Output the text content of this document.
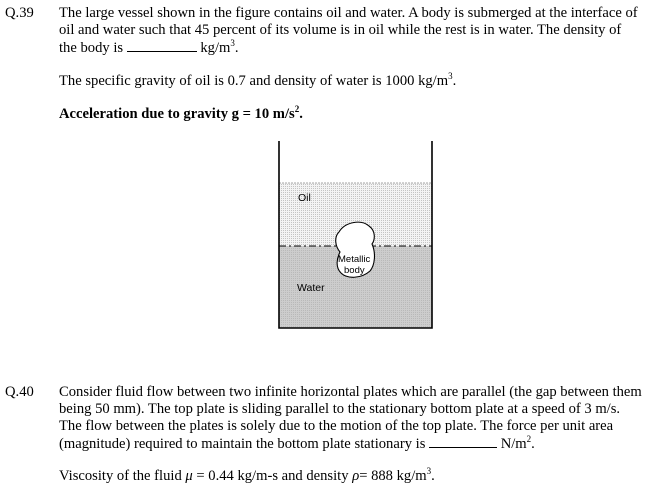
Q.39 The large vessel shown in the figure contains oil and water. A body is submerged at the interface of
oil and water such that 45 percent of its volume is in oil while the rest is in water. The density of
the body is	$kg/m^3$.
The specific gravity of oil is 0.7 and density of water is 1000 $kg/m^3$.
Acceleration due to gravity g = 10 $m/s^2$.
Oil
Water
Metallic
body
Q.40 Consider fluid flow between two infinite horizontal plates which are parallel (the gap between them
being 50 mm). The top plate is sliding parallel to the stationary bottom plate at a speed of 3 m/s.
The flow between the plates is solely due to the motion of the top plate. The force per unit area
(magnitude) required to maintain the bottom plate stationary is	$N/m^2$.
Viscosity of the fluid μ = 0.44 kg/m-s and density ρ= 888 $kg/m^3$.
